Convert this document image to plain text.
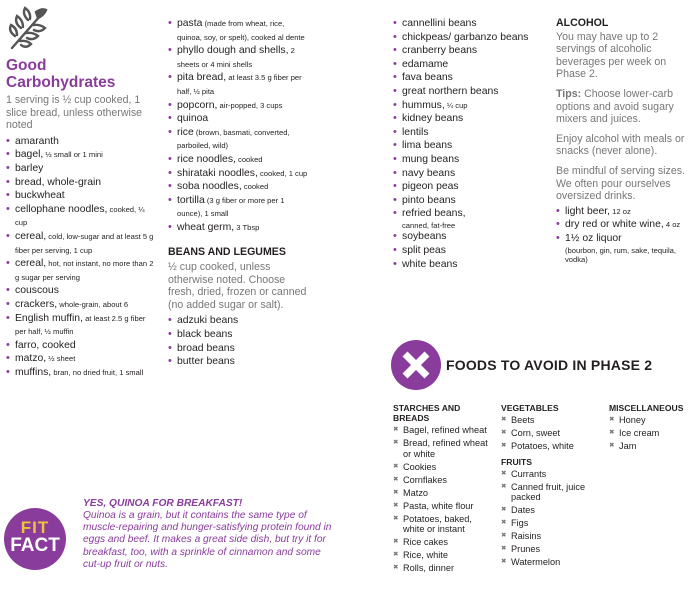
Good Carbohydrates
1 serving is ½ cup cooked, 1 slice bread, unless otherwise noted
• amaranth
• bagel, ½ small or 1 mini
• barley
• bread, whole-grain
• buckwheat
• cellophane noodles, cooked, ¼ cup
• cereal, cold, low-sugar and at least 5 g fiber per serving, 1 cup
• cereal, hot, not instant, no more than 2 g sugar per serving
• couscous
• crackers, whole-grain, about 6
• English muffin, at least 2.5 g fiber per half, ½ muffin
• farro, cooked
• matzo, ½ sheet
• muffins, bran, no dried fruit, 1 small
• pasta (made from wheat, rice, quinoa, soy, or spelt), cooked al dente
• phyllo dough and shells, 2 sheets or 4 mini shells
• pita bread, at least 3.5 g fiber per half, ½ pita
• popcorn, air-popped, 3 cups
• quinoa
• rice (brown, basmati, converted, parboiled, wild)
• rice noodles, cooked
• shirataki noodles, cooked, 1 cup
• soba noodles, cooked
• tortilla (3 g fiber or more per 1 ounce), 1 small
• wheat germ, 3 Tbsp
BEANS AND LEGUMES
½ cup cooked, unless otherwise noted. Choose fresh, dried, frozen or canned (no added sugar or salt).
• adzuki beans
• black beans
• broad beans
• butter beans
• cannellini beans
• chickpeas/ garbanzo beans
• cranberry beans
• edamame
• fava beans
• great northern beans
• hummus, ¼ cup
• kidney beans
• lentils
• lima beans
• mung beans
• navy beans
• pigeon peas
• pinto beans
• refried beans,
canned, fat-free
• soybeans
• split peas
• white beans
ALCOHOL

You may have up to 2 servings of alcoholic beverages per week on Phase 2.

Tips: Choose lower-carb options and avoid sugary mixers and juices.

Enjoy alcohol with meals or snacks (never alone).

Be mindful of serving sizes. We often pour ourselves oversized drinks.

• light beer, 12 oz
• dry red or white wine, 4 oz
• 1½ oz liquor
(bourbon, gin, rum, sake, tequila, vodka)
FOODS TO AVOID IN PHASE 2
STARCHES AND BREADS
✖ Bagel, refined wheat
✖ Bread, refined wheat or white
✖ Cookies
✖ Cornflakes
✖ Matzo
✖ Pasta, white flour
✖ Potatoes, baked, white or instant
✖ Rice cakes
✖ Rice, white
✖ Rolls, dinner
VEGETABLES
✖ Beets
✖ Corn, sweet
✖ Potatoes, white
FRUITS
✖ Currants
✖ Canned fruit, juice packed
✖ Dates
✖ Figs
✖ Raisins
✖ Prunes
✖ Watermelon
MISCELLANEOUS
✖ Honey
✖ Ice cream
✖ Jam
FIT
FACT
YES, QUINOA FOR BREAKFAST!
Quinoa is a grain, but it contains the same type of muscle-repairing and hunger-satisfying protein found in eggs and beef. It makes a great side dish, but try it for breakfast, too, with a sprinkle of cinnamon and some cut-up fruit or nuts.
